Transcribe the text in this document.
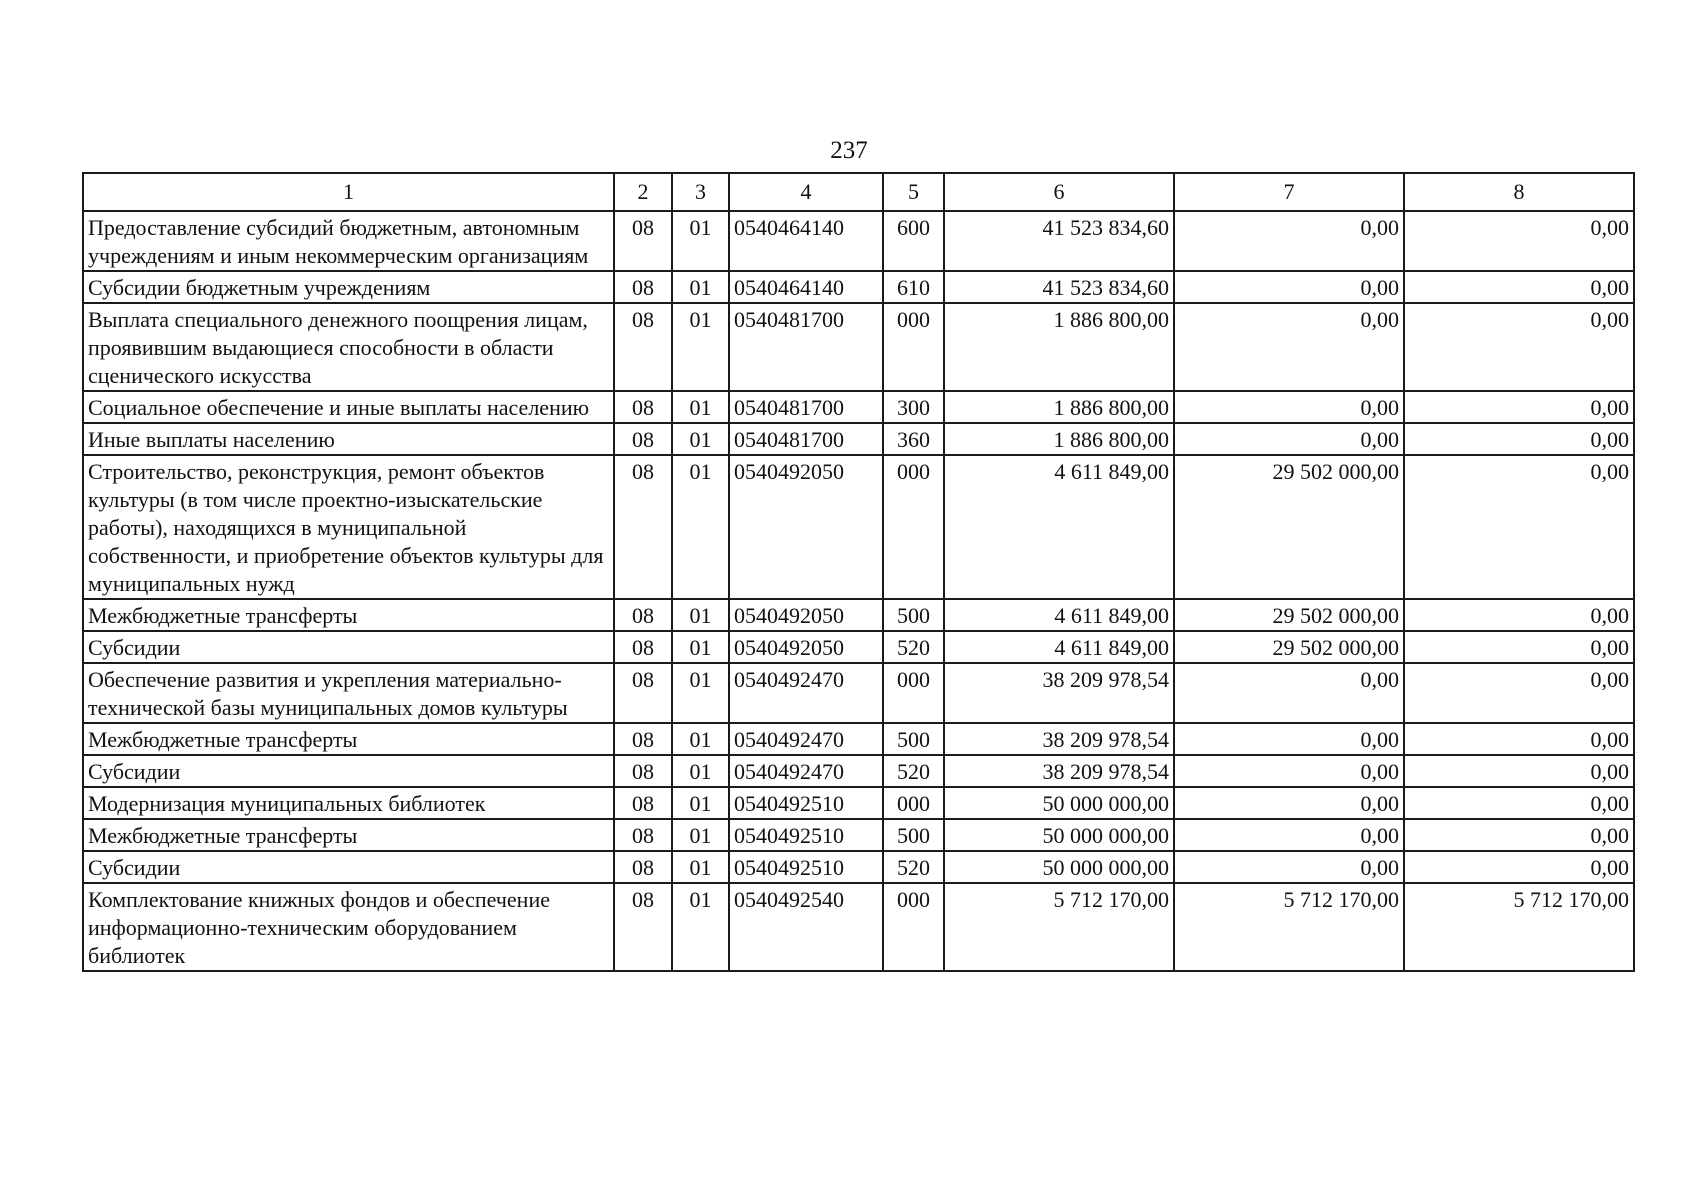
237
1	2	3	4	5	6	7	8
Предоставление субсидий бюджетным, автономным учреждениям и иным некоммерческим организациям	08	01	0540464140	600	41 523 834,60	0,00	0,00
Субсидии бюджетным учреждениям	08	01	0540464140	610	41 523 834,60	0,00	0,00
Выплата специального денежного поощрения лицам, проявившим выдающиеся способности в области сценического искусства	08	01	0540481700	000	1 886 800,00	0,00	0,00
Социальное обеспечение и иные выплаты населению	08	01	0540481700	300	1 886 800,00	0,00	0,00
Иные выплаты населению	08	01	0540481700	360	1 886 800,00	0,00	0,00
Строительство, реконструкция, ремонт объектов культуры (в том числе проектно-изыскательские работы), находящихся в муниципальной собственности, и приобретение объектов культуры для муниципальных нужд	08	01	0540492050	000	4 611 849,00	29 502 000,00	0,00
Межбюджетные трансферты	08	01	0540492050	500	4 611 849,00	29 502 000,00	0,00
Субсидии	08	01	0540492050	520	4 611 849,00	29 502 000,00	0,00
Обеспечение развития и укрепления материально-технической базы муниципальных домов культуры	08	01	0540492470	000	38 209 978,54	0,00	0,00
Межбюджетные трансферты	08	01	0540492470	500	38 209 978,54	0,00	0,00
Субсидии	08	01	0540492470	520	38 209 978,54	0,00	0,00
Модернизация муниципальных библиотек	08	01	0540492510	000	50 000 000,00	0,00	0,00
Межбюджетные трансферты	08	01	0540492510	500	50 000 000,00	0,00	0,00
Субсидии	08	01	0540492510	520	50 000 000,00	0,00	0,00
Комплектование книжных фондов и обеспечение информационно-техническим оборудованием библиотек	08	01	0540492540	000	5 712 170,00	5 712 170,00	5 712 170,00
